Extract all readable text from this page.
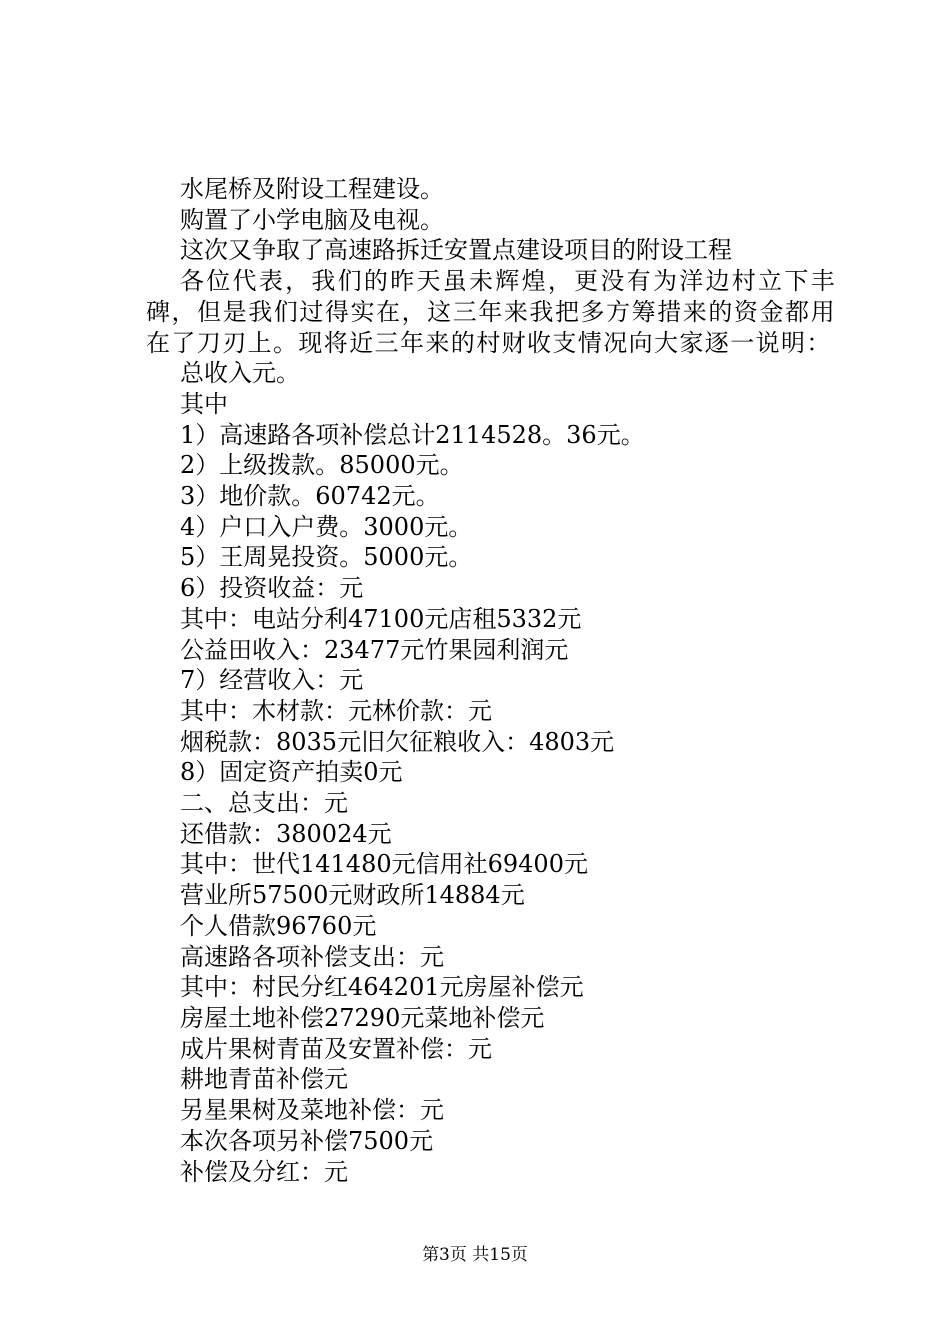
水尾桥及附设工程建设。

购置了小学电脑及电视。

这次又争取了高速路拆迁安置点建设项目的附设工程

各位代表，我们的昨天虽未辉煌，更没有为洋边村立下丰碑，但是我们过得实在，这三年来我把多方筹措来的资金都用在了刀刃上。现将近三年来的村财收支情况向大家逐一说明：

总收入元。

其中

1）高速路各项补偿总计2114528。36元。

2）上级拨款。85000元。

3）地价款。60742元。

4）户口入户费。3000元。

5）王周晃投资。5000元。

6）投资收益：元

其中：电站分利47100元店租5332元

公益田收入：23477元竹果园利润元

7）经营收入：元

其中：木材款：元林价款：元

烟税款：8035元旧欠征粮收入：4803元

8）固定资产拍卖0元

二、总支出：元

还借款：380024元

其中：世代141480元信用社69400元

营业所57500元财政所14884元

个人借款96760元

高速路各项补偿支出：元

其中：村民分红464201元房屋补偿元

房屋土地补偿27290元菜地补偿元

成片果树青苗及安置补偿：元

耕地青苗补偿元

另星果树及菜地补偿：元

本次各项另补偿7500元

补偿及分红：元

第3页 共15页
